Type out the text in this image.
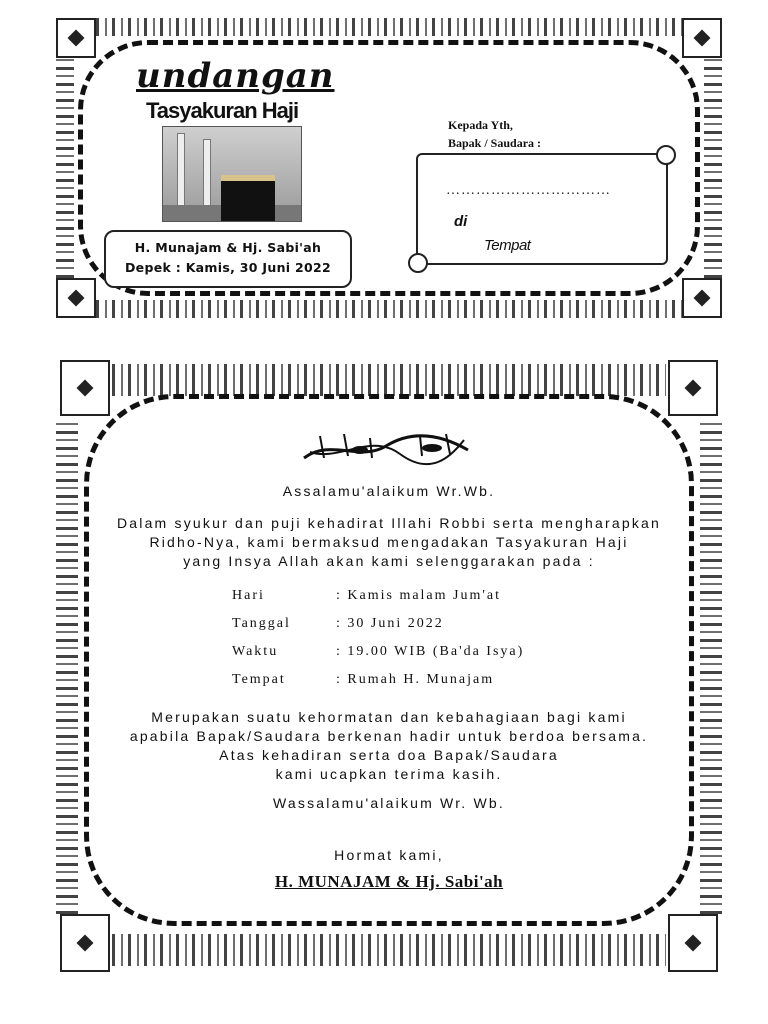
undangan
Tasyakuran Haji
H. Munajam & Hj. Sabi'ah
Depek : Kamis, 30 Juni 2022
Kepada Yth,
Bapak / Saudara :
……………………………
di
Tempat
Assalamu'alaikum Wr.Wb.
Dalam syukur dan puji kehadirat Illahi Robbi serta mengharapkan
Ridho-Nya, kami bermaksud mengadakan Tasyakuran Haji
yang Insya Allah akan kami selenggarakan pada :
Hari	: Kamis malam Jum'at
Tanggal	: 30 Juni 2022
Waktu	: 19.00 WIB (Ba'da Isya)
Tempat	: Rumah H. Munajam
Merupakan suatu kehormatan dan kebahagiaan bagi kami
apabila Bapak/Saudara berkenan hadir untuk berdoa bersama.
Atas kehadiran serta doa Bapak/Saudara
kami ucapkan terima kasih.
Wassalamu'alaikum Wr. Wb.
Hormat kami,
H. MUNAJAM & Hj. Sabi'ah
